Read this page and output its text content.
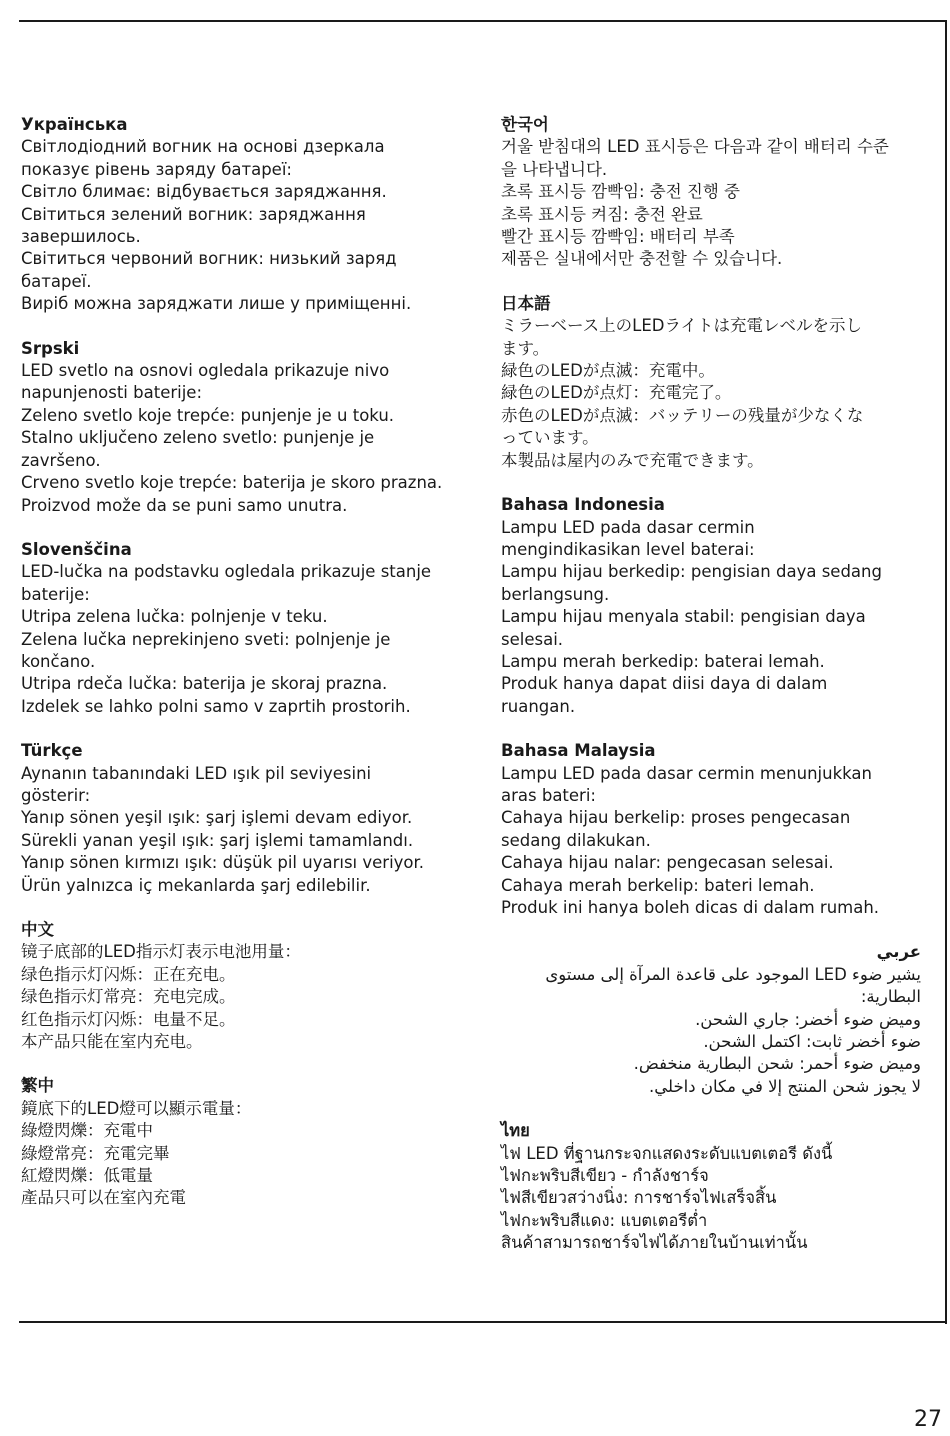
Українська
Світлодіодний вогник на основі дзеркала
показує рівень заряду батареї:
Світло блимає: відбувається заряджання.
Світиться зелений вогник: заряджання
завершилось.
Світиться червоний вогник: низький заряд
батареї.
Виріб можна заряджати лише у приміщенні.
Srpski
LED svetlo na osnovi ogledala prikazuje nivo
napunjenosti baterije:
Zeleno svetlo koje trepće: punjenje je u toku.
Stalno uključeno zeleno svetlo: punjenje je
završeno.
Crveno svetlo koje trepće: baterija je skoro prazna.
Proizvod može da se puni samo unutra.
Slovenščina
LED-lučka na podstavku ogledala prikazuje stanje
baterije:
Utripa zelena lučka: polnjenje v teku.
Zelena lučka neprekinjeno sveti: polnjenje je
končano.
Utripa rdeča lučka: baterija je skoraj prazna.
Izdelek se lahko polni samo v zaprtih prostorih.
Türkçe
Aynanın tabanındaki LED ışık pil seviyesini
gösterir:
Yanıp sönen yeşil ışık: şarj işlemi devam ediyor.
Sürekli yanan yeşil ışık: şarj işlemi tamamlandı.
Yanıp sönen kırmızı ışık: düşük pil uyarısı veriyor.
Ürün yalnızca iç mekanlarda şarj edilebilir.
中文
镜子底部的LED指示灯表示电池用量：
绿色指示灯闪烁：正在充电。
绿色指示灯常亮：充电完成。
红色指示灯闪烁：电量不足。
本产品只能在室内充电。
繁中
鏡底下的LED燈可以顯示電量：
綠燈閃爍：充電中
綠燈常亮：充電完畢
紅燈閃爍：低電量
產品只可以在室內充電
한국어
거울 받침대의 LED 표시등은 다음과 같이 배터리 수준
을 나타냅니다.
초록 표시등 깜빡임: 충전 진행 중
초록 표시등 켜짐: 충전 완료
빨간 표시등 깜빡임: 배터리 부족
제품은 실내에서만 충전할 수 있습니다.
日本語
ミラーベース上のLEDライトは充電レベルを示し
ます。
緑色のLEDが点滅：充電中。
緑色のLEDが点灯：充電完了。
赤色のLEDが点滅：バッテリーの残量が少なくな
っています。
本製品は屋内のみで充電できます。
Bahasa Indonesia
Lampu LED pada dasar cermin
mengindikasikan level baterai:
Lampu hijau berkedip: pengisian daya sedang
berlangsung.
Lampu hijau menyala stabil: pengisian daya
selesai.
Lampu merah berkedip: baterai lemah.
Produk hanya dapat diisi daya di dalam
ruangan.
Bahasa Malaysia
Lampu LED pada dasar cermin menunjukkan
aras bateri:
Cahaya hijau berkelip: proses pengecasan
sedang dilakukan.
Cahaya hijau nalar: pengecasan selesai.
Cahaya merah berkelip: bateri lemah.
Produk ini hanya boleh dicas di dalam rumah.
عربي
يشير ضوء LED الموجود على قاعدة المرآة إلى مستوى
البطارية:
وميض ضوء أخضر: جاري الشحن.
ضوء أخضر ثابت: اكتمل الشحن.
وميض ضوء أحمر: شحن البطارية منخفض.
لا يجوز شحن المنتج إلا في مكان داخلي.
ไทย
ไฟ LED ที่ฐานกระจกแสดงระดับแบตเตอรี ดังนี้
ไฟกะพริบสีเขียว - กำลังชาร์จ
ไฟสีเขียวสว่างนิ่ง: การชาร์จไฟเสร็จสิ้น
ไฟกะพริบสีแดง: แบตเตอรีต่ำ
สินค้าสามารถชาร์จไฟได้ภายในบ้านเท่านั้น
27
